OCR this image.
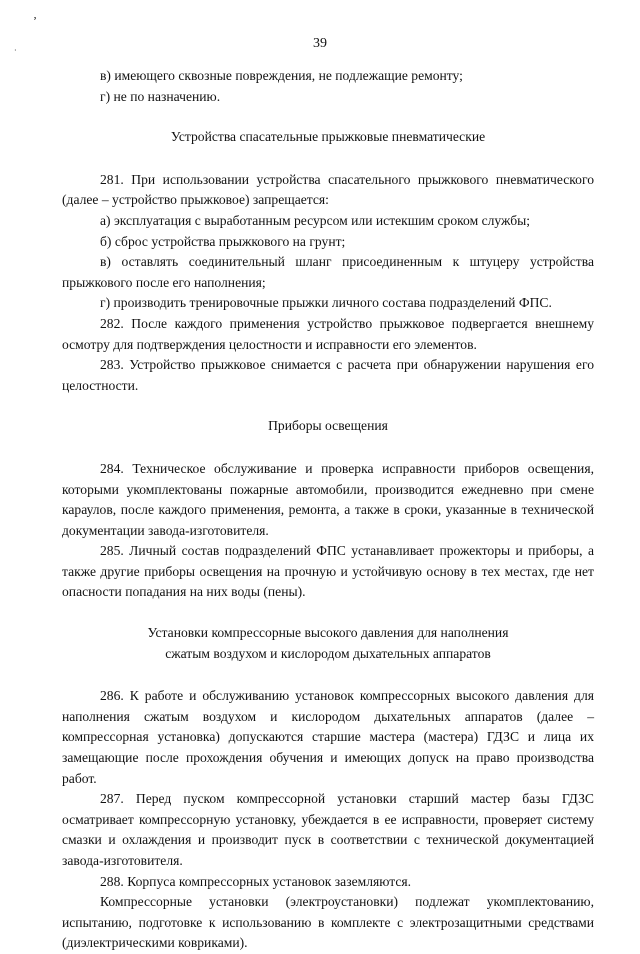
ʼ
·	39

в) имеющего сквозные повреждения, не подлежащие ремонту;

г) не по назначению.

Устройства спасательные прыжковые пневматические

281. При использовании устройства спасательного прыжкового пневматического (далее – устройство прыжковое) запрещается:

а) эксплуатация с выработанным ресурсом или истекшим сроком службы;

б) сброс устройства прыжкового на грунт;

в) оставлять соединительный шланг присоединенным к штуцеру устройства прыжкового после его наполнения;

г) производить тренировочные прыжки личного состава подразделений ФПС.

282. После каждого применения устройство прыжковое подвергается внешнему осмотру для подтверждения целостности и исправности его элементов.

283. Устройство прыжковое снимается с расчета при обнаружении нарушения его целостности.

Приборы освещения

284. Техническое обслуживание и проверка исправности приборов освещения, которыми укомплектованы пожарные автомобили, производится ежедневно при смене караулов, после каждого применения, ремонта, а также в сроки, указанные в технической документации завода-изготовителя.

285. Личный состав подразделений ФПС устанавливает прожекторы и приборы, а также другие приборы освещения на прочную и устойчивую основу в тех местах, где нет опасности попадания на них воды (пены).

Установки компрессорные высокого давления для наполнения

сжатым воздухом и кислородом дыхательных аппаратов

286. К работе и обслуживанию установок компрессорных высокого давления для наполнения сжатым воздухом и кислородом дыхательных аппаратов (далее – компрессорная установка) допускаются старшие мастера (мастера) ГДЗС и лица их замещающие после прохождения обучения и имеющих допуск на право производства работ.

287. Перед пуском компрессорной установки старший мастер базы ГДЗС осматривает компрессорную установку, убеждается в ее исправности, проверяет систему смазки и охлаждения и производит пуск в соответствии с технической документацией завода-изготовителя.

288. Корпуса компрессорных установок заземляются.

Компрессорные установки (электроустановки) подлежат укомплектованию, испытанию, подготовке к использованию в комплекте с электрозащитными средствами (диэлектрическими ковриками).
